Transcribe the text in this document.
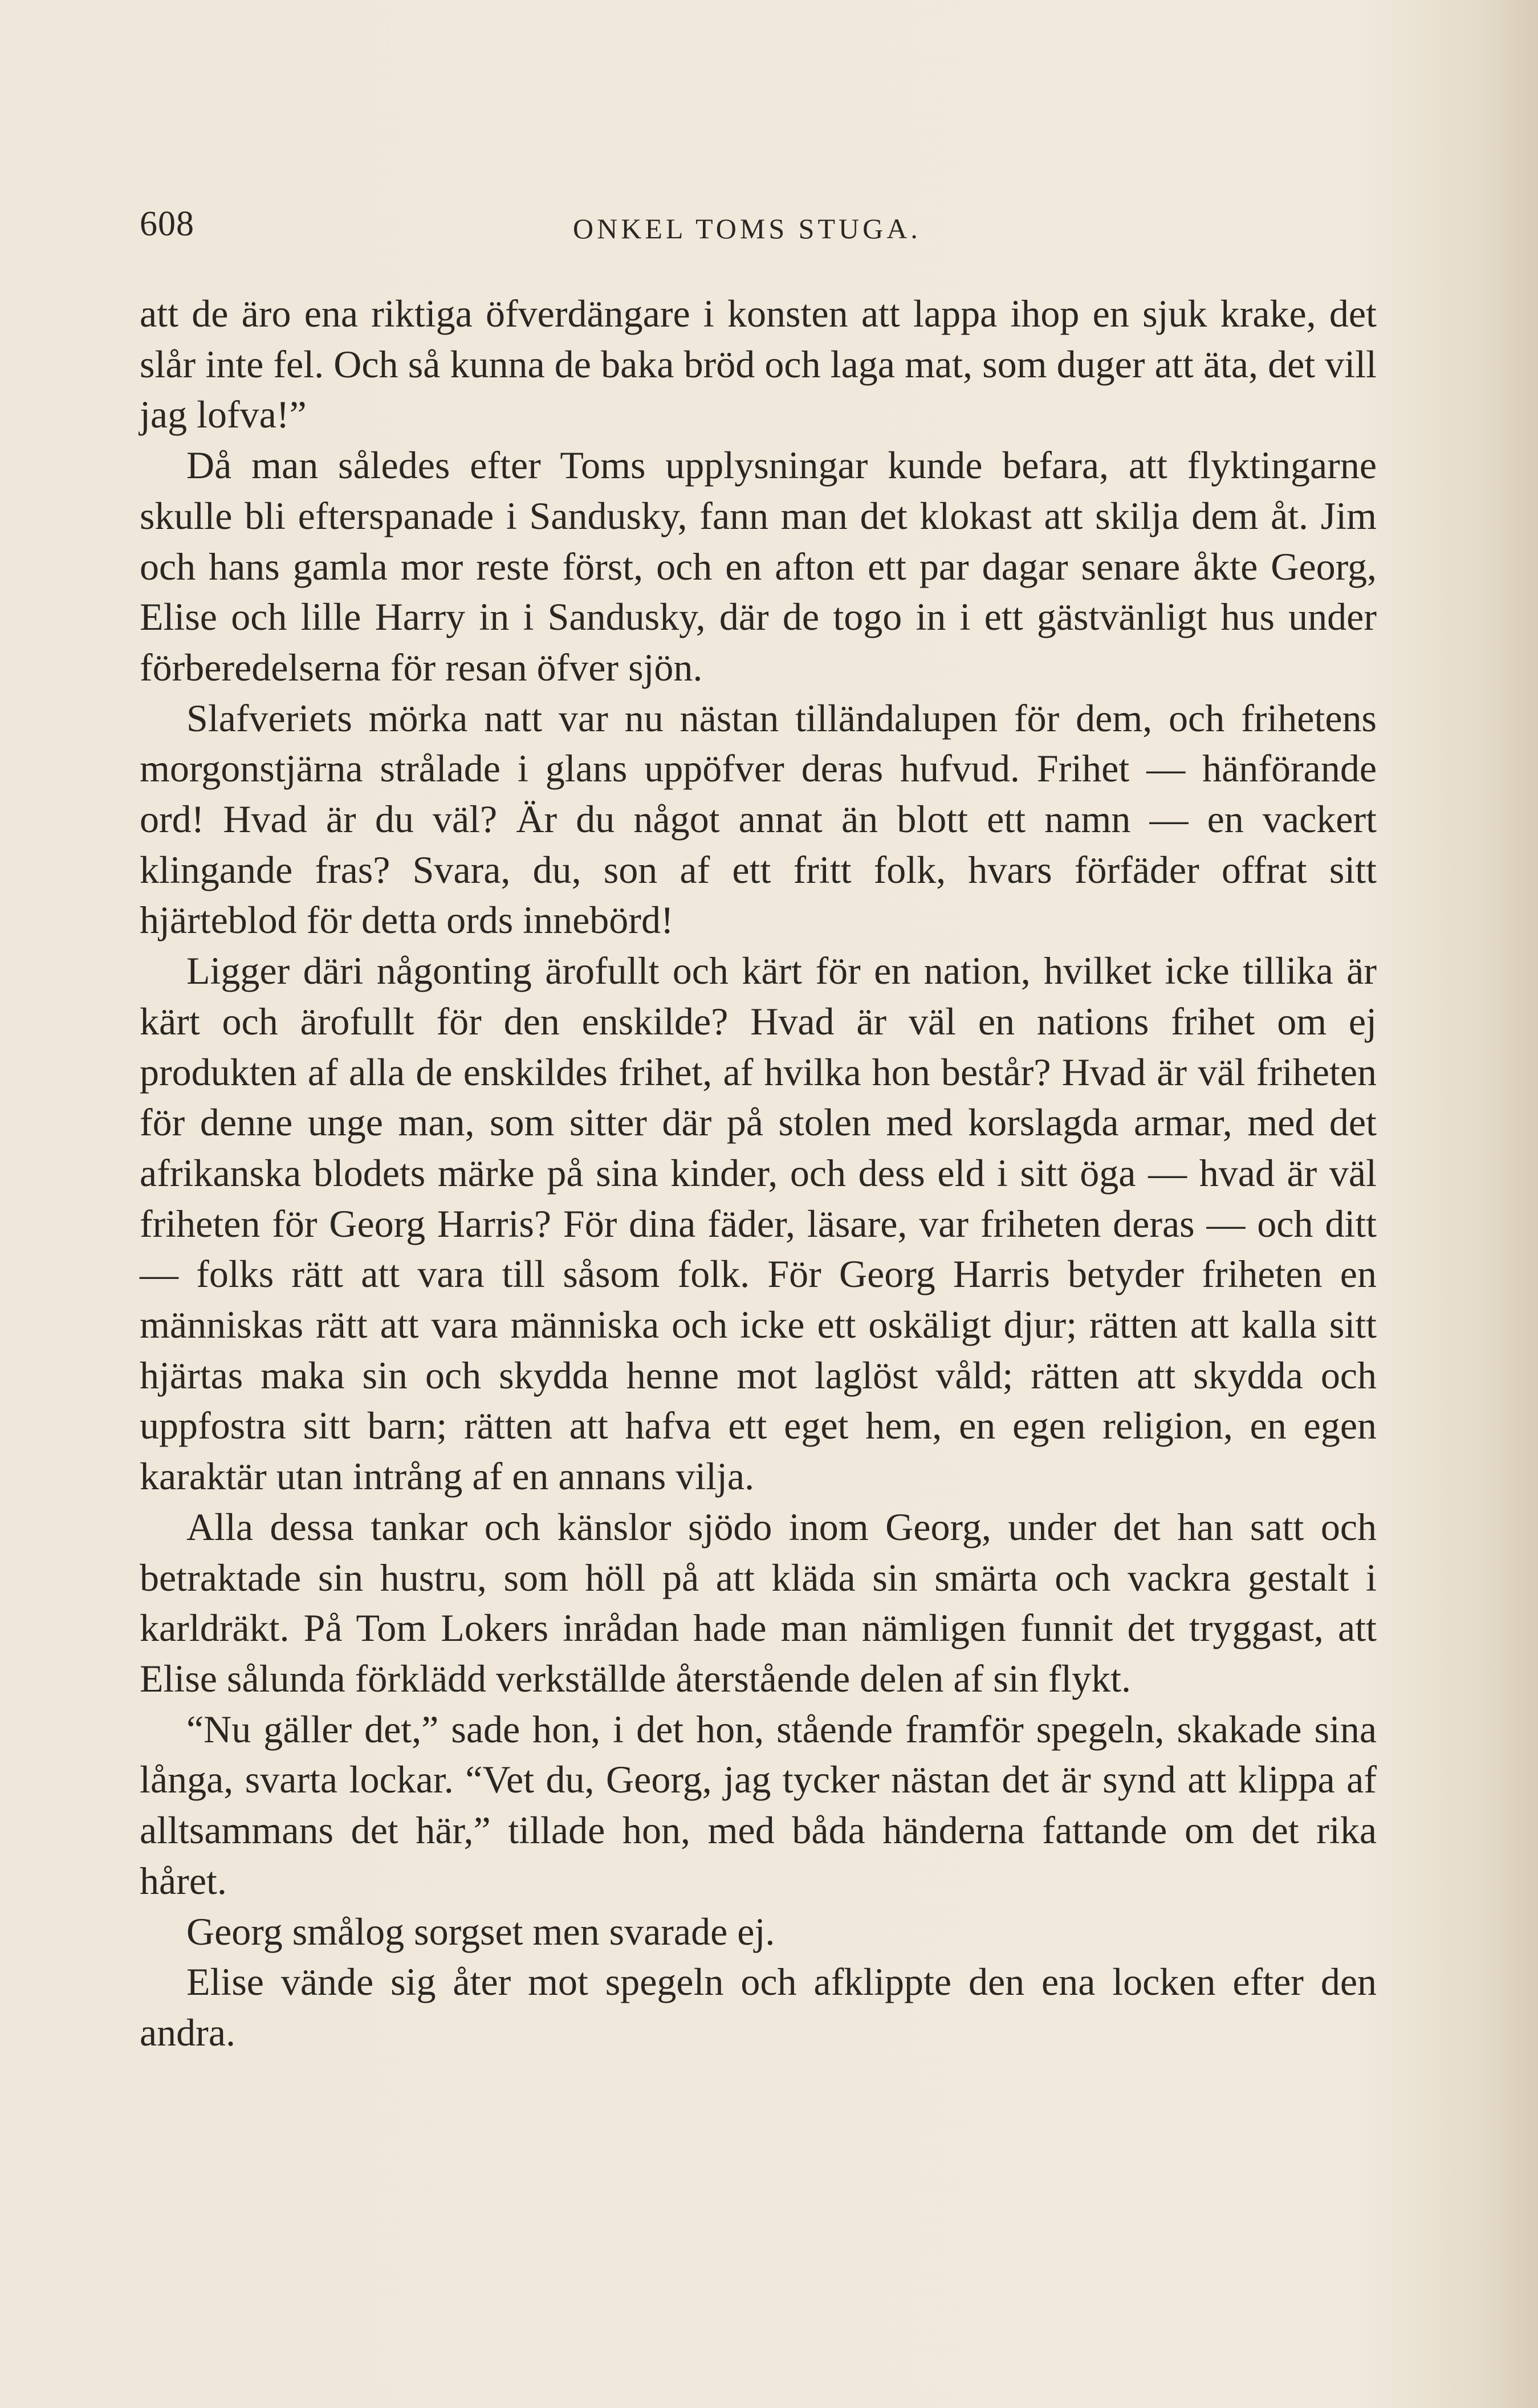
608	ONKEL TOMS STUGA.

att de äro ena riktiga öfverdängare i konsten att lappa ihop en sjuk krake, det slår inte fel. Och så kunna de baka bröd och laga mat, som duger att äta, det vill jag lofva!”

Då man således efter Toms upplysningar kunde befara, att flyktingarne skulle bli efterspanade i Sandusky, fann man det klokast att skilja dem åt. Jim och hans gamla mor reste först, och en afton ett par dagar senare åkte Georg, Elise och lille Harry in i Sandusky, där de togo in i ett gästvänligt hus under förberedelserna för resan öfver sjön.

Slafveriets mörka natt var nu nästan tilländalupen för dem, och frihetens morgonstjärna strålade i glans uppöfver deras hufvud. Frihet — hänförande ord! Hvad är du väl? Är du något annat än blott ett namn — en vackert klingande fras? Svara, du, son af ett fritt folk, hvars förfäder offrat sitt hjärteblod för detta ords innebörd!

Ligger däri någonting ärofullt och kärt för en nation, hvilket icke tillika är kärt och ärofullt för den enskilde? Hvad är väl en nations frihet om ej produkten af alla de enskildes frihet, af hvilka hon består? Hvad är väl friheten för denne unge man, som sitter där på stolen med korslagda armar, med det afrikanska blodets märke på sina kinder, och dess eld i sitt öga — hvad är väl friheten för Georg Harris? För dina fäder, läsare, var friheten deras — och ditt — folks rätt att vara till såsom folk. För Georg Harris betyder friheten en människas rätt att vara människa och icke ett oskäligt djur; rätten att kalla sitt hjärtas maka sin och skydda henne mot laglöst våld; rätten att skydda och uppfostra sitt barn; rätten att hafva ett eget hem, en egen religion, en egen karaktär utan intrång af en annans vilja.

Alla dessa tankar och känslor sjödo inom Georg, under det han satt och betraktade sin hustru, som höll på att kläda sin smärta och vackra gestalt i karldräkt. På Tom Lokers inrådan hade man nämligen funnit det tryggast, att Elise sålunda förklädd verkställde återstående delen af sin flykt.

“Nu gäller det,” sade hon, i det hon, stående framför spegeln, skakade sina långa, svarta lockar. “Vet du, Georg, jag tycker nästan det är synd att klippa af alltsammans det här,” tillade hon, med båda händerna fattande om det rika håret.

Georg smålog sorgset men svarade ej.

Elise vände sig åter mot spegeln och afklippte den ena locken efter den andra.
